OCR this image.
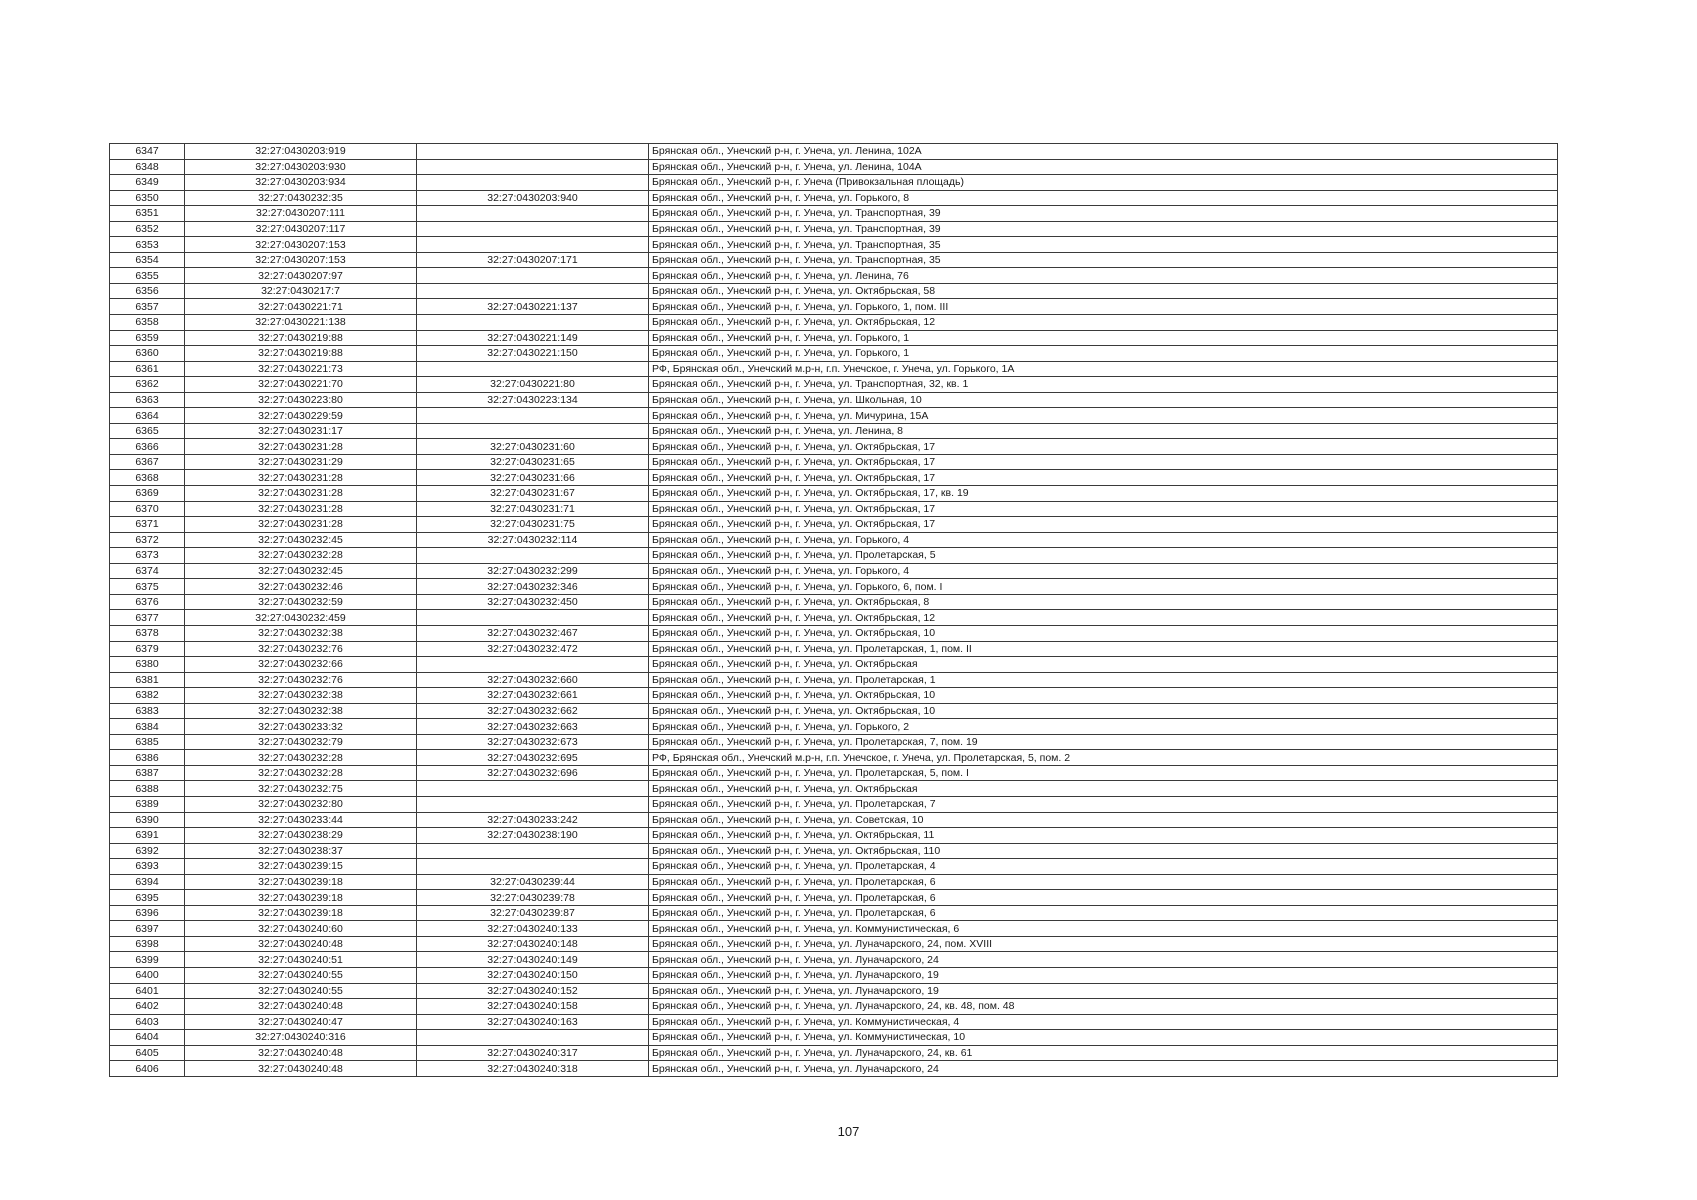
6347	32:27:0430203:919		Брянская обл., Унечский р-н, г. Унеча, ул. Ленина, 102А
6348	32:27:0430203:930		Брянская обл., Унечский р-н, г. Унеча, ул. Ленина, 104А
6349	32:27:0430203:934		Брянская обл., Унечский р-н, г. Унеча (Привокзальная площадь)
6350	32:27:0430232:35	32:27:0430203:940	Брянская обл., Унечский р-н, г. Унеча, ул. Горького, 8
6351	32:27:0430207:111		Брянская обл., Унечский р-н, г. Унеча, ул. Транспортная, 39
6352	32:27:0430207:117		Брянская обл., Унечский р-н, г. Унеча, ул. Транспортная, 39
6353	32:27:0430207:153		Брянская обл., Унечский р-н, г. Унеча, ул. Транспортная, 35
6354	32:27:0430207:153	32:27:0430207:171	Брянская обл., Унечский р-н, г. Унеча, ул. Транспортная, 35
6355	32:27:0430207:97		Брянская обл., Унечский р-н, г. Унеча, ул. Ленина, 76
6356	32:27:0430217:7		Брянская обл., Унечский р-н, г. Унеча, ул. Октябрьская, 58
6357	32:27:0430221:71	32:27:0430221:137	Брянская обл., Унечский р-н, г. Унеча, ул. Горького, 1, пом. III
6358	32:27:0430221:138		Брянская обл., Унечский р-н, г. Унеча, ул. Октябрьская, 12
6359	32:27:0430219:88	32:27:0430221:149	Брянская обл., Унечский р-н, г. Унеча, ул. Горького, 1
6360	32:27:0430219:88	32:27:0430221:150	Брянская обл., Унечский р-н, г. Унеча, ул. Горького, 1
6361	32:27:0430221:73		РФ, Брянская обл., Унечский м.р-н, г.п. Унечское, г. Унеча, ул. Горького, 1А
6362	32:27:0430221:70	32:27:0430221:80	Брянская обл., Унечский р-н, г. Унеча, ул. Транспортная, 32, кв. 1
6363	32:27:0430223:80	32:27:0430223:134	Брянская обл., Унечский р-н, г. Унеча, ул. Школьная, 10
6364	32:27:0430229:59		Брянская обл., Унечский р-н, г. Унеча, ул. Мичурина, 15А
6365	32:27:0430231:17		Брянская обл., Унечский р-н, г. Унеча, ул. Ленина, 8
6366	32:27:0430231:28	32:27:0430231:60	Брянская обл., Унечский р-н, г. Унеча, ул. Октябрьская, 17
6367	32:27:0430231:29	32:27:0430231:65	Брянская обл., Унечский р-н, г. Унеча, ул. Октябрьская, 17
6368	32:27:0430231:28	32:27:0430231:66	Брянская обл., Унечский р-н, г. Унеча, ул. Октябрьская, 17
6369	32:27:0430231:28	32:27:0430231:67	Брянская обл., Унечский р-н, г. Унеча, ул. Октябрьская, 17, кв. 19
6370	32:27:0430231:28	32:27:0430231:71	Брянская обл., Унечский р-н, г. Унеча, ул. Октябрьская, 17
6371	32:27:0430231:28	32:27:0430231:75	Брянская обл., Унечский р-н, г. Унеча, ул. Октябрьская, 17
6372	32:27:0430232:45	32:27:0430232:114	Брянская обл., Унечский р-н, г. Унеча, ул. Горького, 4
6373	32:27:0430232:28		Брянская обл., Унечский р-н, г. Унеча, ул. Пролетарская, 5
6374	32:27:0430232:45	32:27:0430232:299	Брянская обл., Унечский р-н, г. Унеча, ул. Горького, 4
6375	32:27:0430232:46	32:27:0430232:346	Брянская обл., Унечский р-н, г. Унеча, ул. Горького, 6, пом. I
6376	32:27:0430232:59	32:27:0430232:450	Брянская обл., Унечский р-н, г. Унеча, ул. Октябрьская, 8
6377	32:27:0430232:459		Брянская обл., Унечский р-н, г. Унеча, ул. Октябрьская, 12
6378	32:27:0430232:38	32:27:0430232:467	Брянская обл., Унечский р-н, г. Унеча, ул. Октябрьская, 10
6379	32:27:0430232:76	32:27:0430232:472	Брянская обл., Унечский р-н, г. Унеча, ул. Пролетарская, 1, пом. II
6380	32:27:0430232:66		Брянская обл., Унечский р-н, г. Унеча, ул. Октябрьская
6381	32:27:0430232:76	32:27:0430232:660	Брянская обл., Унечский р-н, г. Унеча, ул. Пролетарская, 1
6382	32:27:0430232:38	32:27:0430232:661	Брянская обл., Унечский р-н, г. Унеча, ул. Октябрьская, 10
6383	32:27:0430232:38	32:27:0430232:662	Брянская обл., Унечский р-н, г. Унеча, ул. Октябрьская, 10
6384	32:27:0430233:32	32:27:0430232:663	Брянская обл., Унечский р-н, г. Унеча, ул. Горького, 2
6385	32:27:0430232:79	32:27:0430232:673	Брянская обл., Унечский р-н, г. Унеча, ул. Пролетарская, 7, пом. 19
6386	32:27:0430232:28	32:27:0430232:695	РФ, Брянская обл., Унечский м.р-н, г.п. Унечское, г. Унеча, ул. Пролетарская, 5, пом. 2
6387	32:27:0430232:28	32:27:0430232:696	Брянская обл., Унечский р-н, г. Унеча, ул. Пролетарская, 5, пом. I
6388	32:27:0430232:75		Брянская обл., Унечский р-н, г. Унеча, ул. Октябрьская
6389	32:27:0430232:80		Брянская обл., Унечский р-н, г. Унеча, ул. Пролетарская, 7
6390	32:27:0430233:44	32:27:0430233:242	Брянская обл., Унечский р-н, г. Унеча, ул. Советская, 10
6391	32:27:0430238:29	32:27:0430238:190	Брянская обл., Унечский р-н, г. Унеча, ул. Октябрьская, 11
6392	32:27:0430238:37		Брянская обл., Унечский р-н, г. Унеча, ул. Октябрьская, 110
6393	32:27:0430239:15		Брянская обл., Унечский р-н, г. Унеча, ул. Пролетарская, 4
6394	32:27:0430239:18	32:27:0430239:44	Брянская обл., Унечский р-н, г. Унеча, ул. Пролетарская, 6
6395	32:27:0430239:18	32:27:0430239:78	Брянская обл., Унечский р-н, г. Унеча, ул. Пролетарская, 6
6396	32:27:0430239:18	32:27:0430239:87	Брянская обл., Унечский р-н, г. Унеча, ул. Пролетарская, 6
6397	32:27:0430240:60	32:27:0430240:133	Брянская обл., Унечский р-н, г. Унеча, ул. Коммунистическая, 6
6398	32:27:0430240:48	32:27:0430240:148	Брянская обл., Унечский р-н, г. Унеча, ул. Луначарского, 24, пом. XVIII
6399	32:27:0430240:51	32:27:0430240:149	Брянская обл., Унечский р-н, г. Унеча, ул. Луначарского, 24
6400	32:27:0430240:55	32:27:0430240:150	Брянская обл., Унечский р-н, г. Унеча, ул. Луначарского, 19
6401	32:27:0430240:55	32:27:0430240:152	Брянская обл., Унечский р-н, г. Унеча, ул. Луначарского, 19
6402	32:27:0430240:48	32:27:0430240:158	Брянская обл., Унечский р-н, г. Унеча, ул. Луначарского, 24, кв. 48, пом. 48
6403	32:27:0430240:47	32:27:0430240:163	Брянская обл., Унечский р-н, г. Унеча, ул. Коммунистическая, 4
6404	32:27:0430240:316		Брянская обл., Унечский р-н, г. Унеча, ул. Коммунистическая, 10
6405	32:27:0430240:48	32:27:0430240:317	Брянская обл., Унечский р-н, г. Унеча, ул. Луначарского, 24, кв. 61
6406	32:27:0430240:48	32:27:0430240:318	Брянская обл., Унечский р-н, г. Унеча, ул. Луначарского, 24
107
